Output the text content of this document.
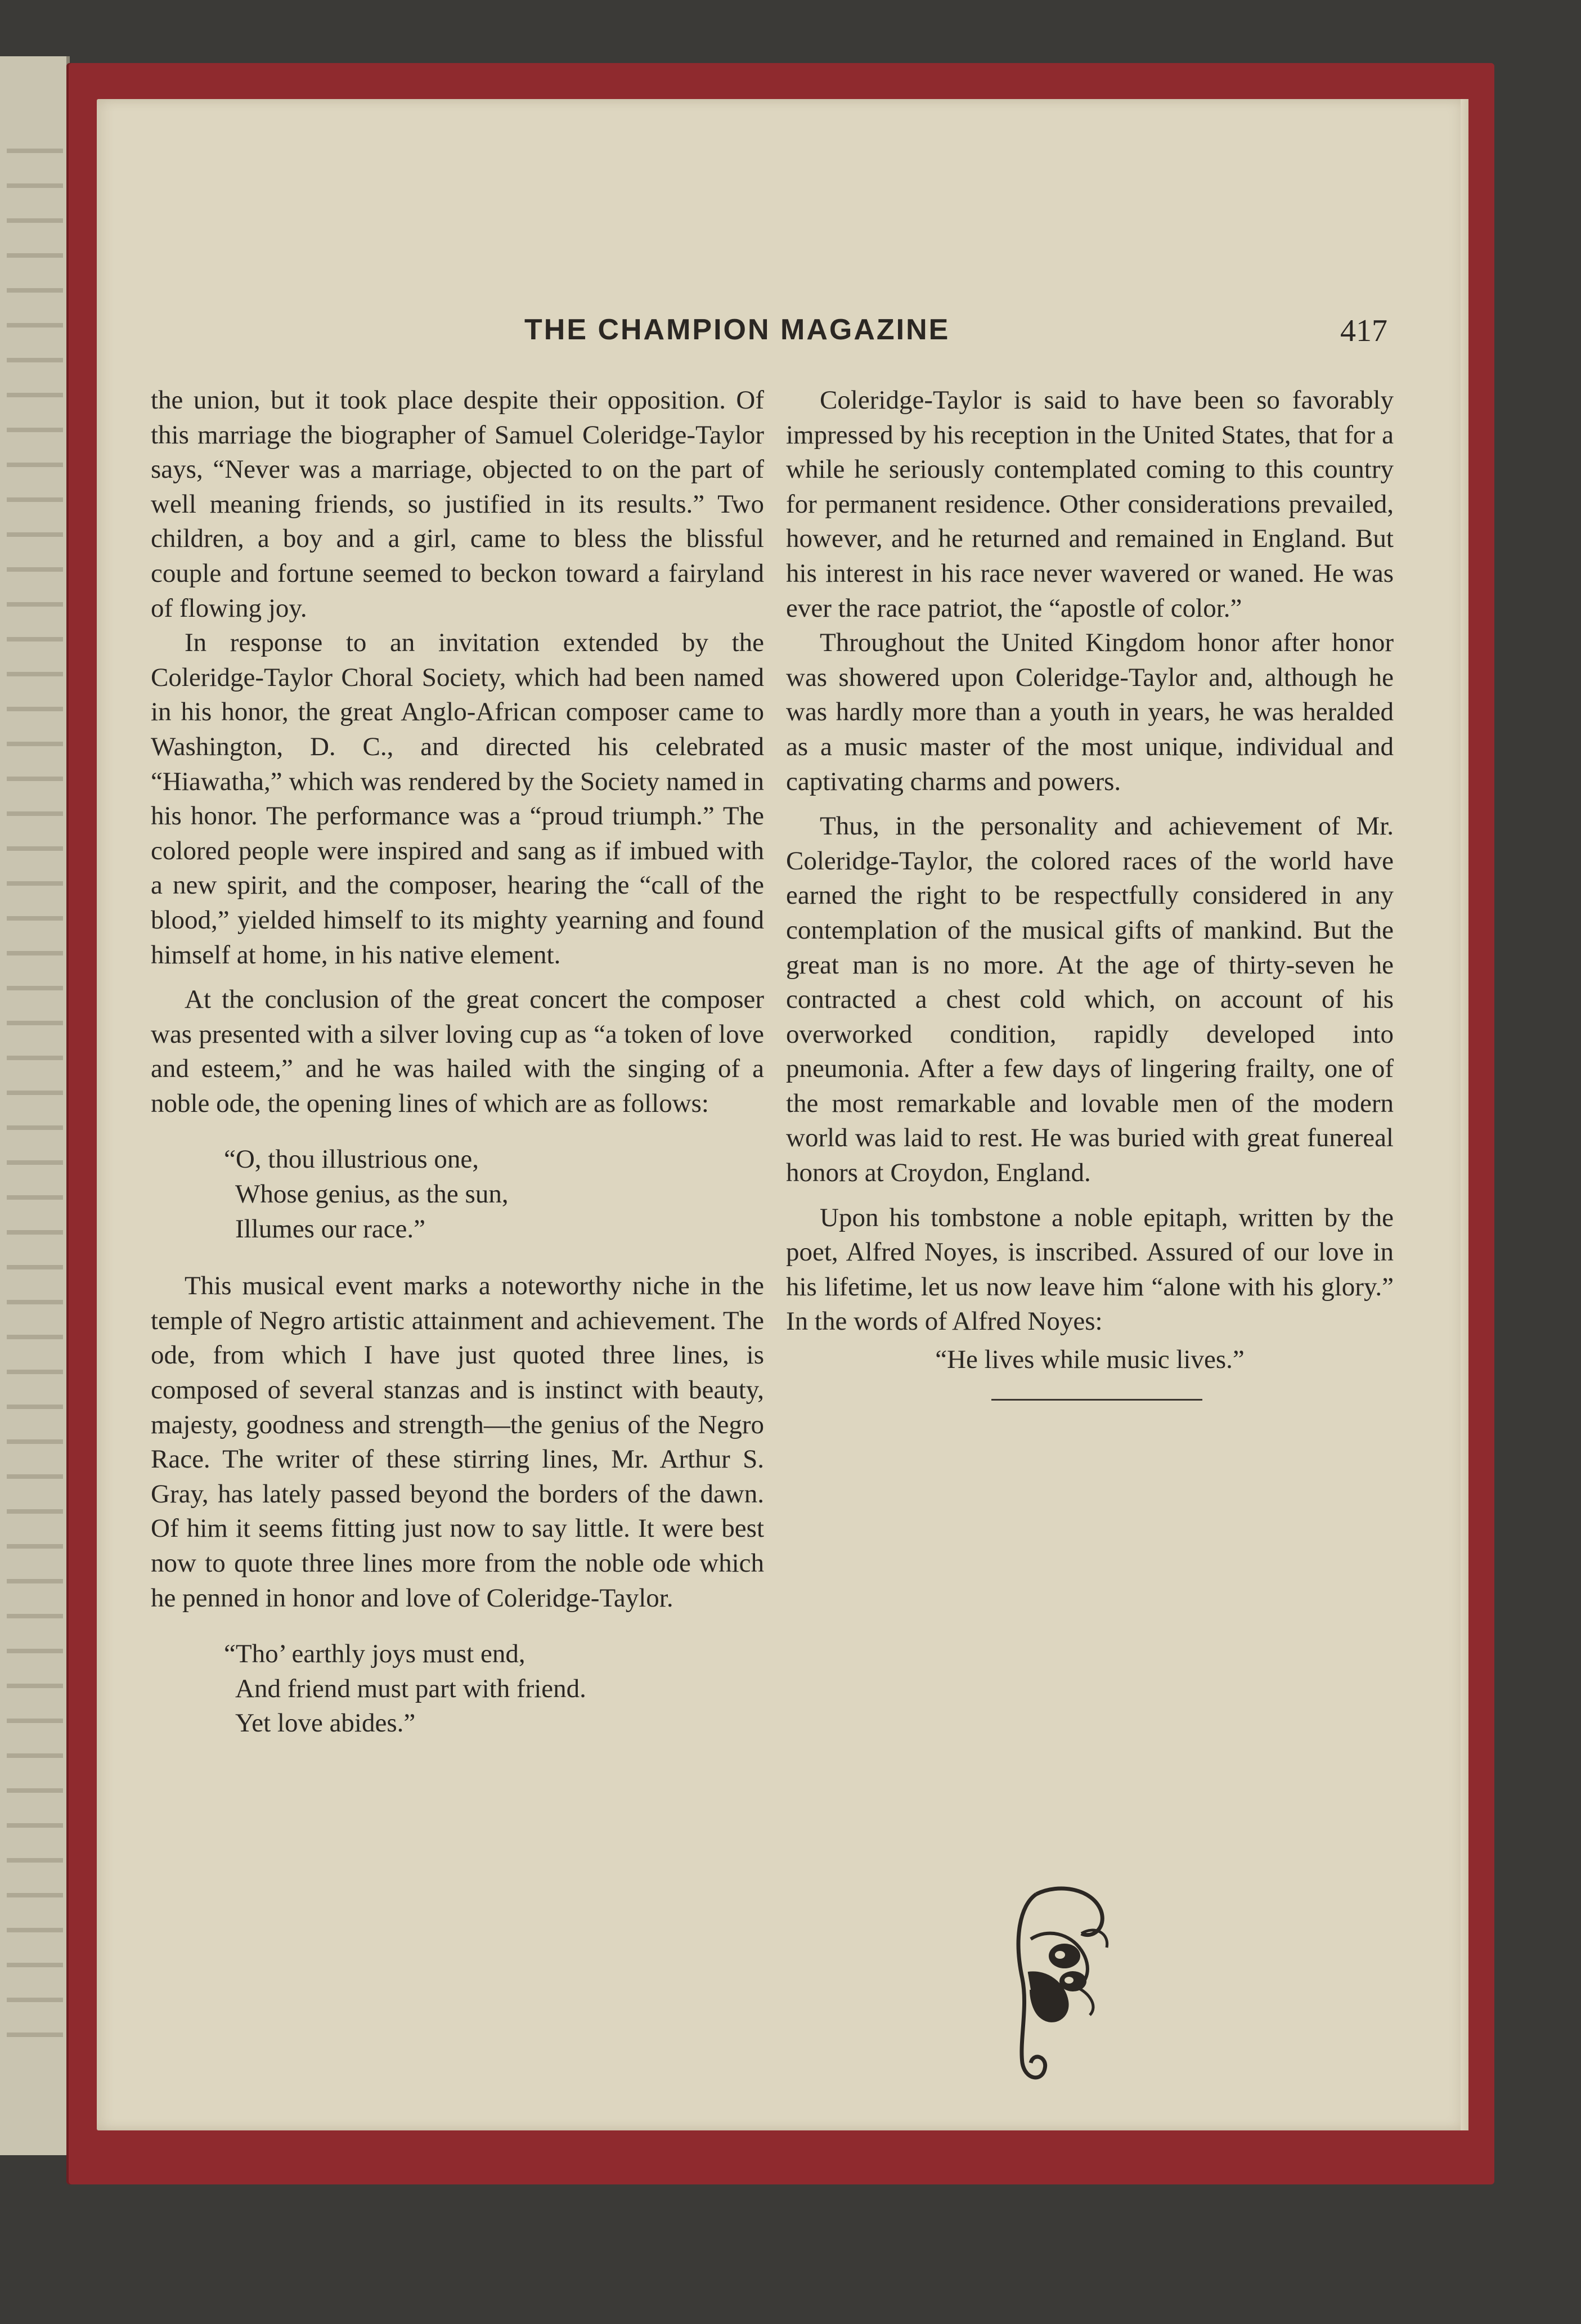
THE CHAMPION MAGAZINE	417

the union, but it took place despite their opposition. Of this marriage the biographer of Samuel Coleridge-Taylor says, “Never was a marriage, objected to on the part of well meaning friends, so justified in its results.” Two children, a boy and a girl, came to bless the blissful couple and fortune seemed to beckon toward a fairyland of flowing joy.

In response to an invitation extended by the Coleridge-Taylor Choral Society, which had been named in his honor, the great Anglo-African composer came to Washington, D. C., and directed his celebrated “Hiawatha,” which was rendered by the Society named in his honor. The performance was a “proud triumph.” The colored people were inspired and sang as if imbued with a new spirit, and the composer, hearing the “call of the blood,” yielded himself to its mighty yearning and found himself at home, in his native element.

At the conclusion of the great concert the composer was presented with a silver loving cup as “a token of love and esteem,” and he was hailed with the singing of a noble ode, the opening lines of which are as follows:

“O, thou illustrious one,
Whose genius, as the sun,
Illumes our race.”

This musical event marks a noteworthy niche in the temple of Negro artistic attainment and achievement. The ode, from which I have just quoted three lines, is composed of several stanzas and is instinct with beauty, majesty, goodness and strength—the genius of the Negro Race. The writer of these stirring lines, Mr. Arthur S. Gray, has lately passed beyond the borders of the dawn. Of him it seems fitting just now to say little. It were best now to quote three lines more from the noble ode which he penned in honor and love of Coleridge-Taylor.

“Tho’ earthly joys must end,
And friend must part with friend.
Yet love abides.”

Coleridge-Taylor is said to have been so favorably impressed by his reception in the United States, that for a while he seriously contemplated coming to this country for permanent residence. Other considerations prevailed, however, and he returned and remained in England. But his interest in his race never wavered or waned. He was ever the race patriot, the “apostle of color.”

Throughout the United Kingdom honor after honor was showered upon Coleridge-Taylor and, although he was hardly more than a youth in years, he was heralded as a music master of the most unique, individual and captivating charms and powers.

Thus, in the personality and achievement of Mr. Coleridge-Taylor, the colored races of the world have earned the right to be respectfully considered in any contemplation of the musical gifts of mankind. But the great man is no more. At the age of thirty-seven he contracted a chest cold which, on account of his overworked condition, rapidly developed into pneumonia. After a few days of lingering frailty, one of the most remarkable and lovable men of the modern world was laid to rest. He was buried with great funereal honors at Croydon, England.

Upon his tombstone a noble epitaph, written by the poet, Alfred Noyes, is inscribed. Assured of our love in his lifetime, let us now leave him “alone with his glory.” In the words of Alfred Noyes:

“He lives while music lives.”
